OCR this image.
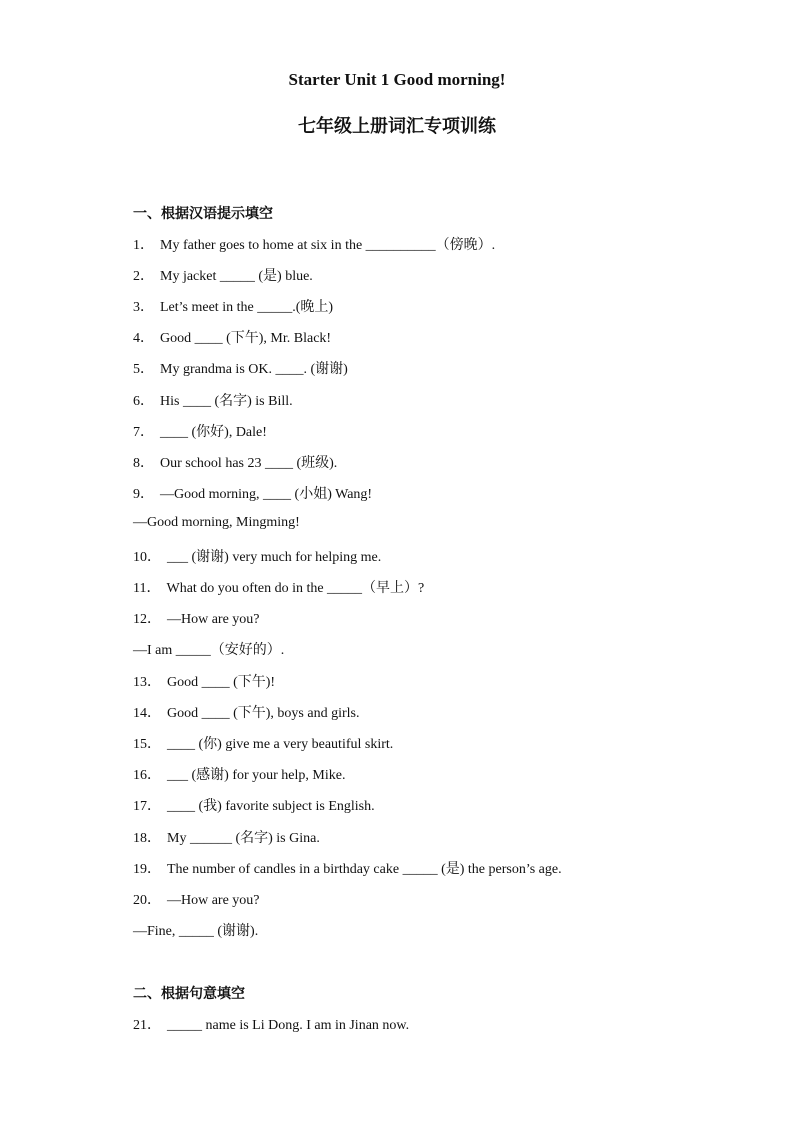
Starter Unit 1 Good morning!
七年级上册词汇专项训练
一、根据汉语提示填空
1． My father goes to home at six in the __________（傍晚）.
2． My jacket _____ (是) blue.
3． Let’s meet in the _____.(晚上)
4． Good ____ (下午), Mr. Black!
5． My grandma is OK. ____. (谢谢)
6． His ____ (名字) is Bill.
7． ____ (你好), Dale!
8． Our school has 23 ____ (班级).
9． —Good morning, ____ (小姐) Wang!
—Good morning, Mingming!
10． ___ (谢谢) very much for helping me.
11． What do you often do in the _____（早上）?
12． —How are you?
—I am _____（安好的）.
13． Good ____ (下午)!
14． Good ____ (下午), boys and girls.
15． ____ (你) give me a very beautiful skirt.
16． ___ (感谢) for your help, Mike.
17． ____ (我) favorite subject is English.
18． My ______ (名字) is Gina.
19． The number of candles in a birthday cake _____ (是) the person’s age.
20． —How are you?
—Fine, _____ (谢谢).
二、根据句意填空
21． _____ name is Li Dong. I am in Jinan now.
